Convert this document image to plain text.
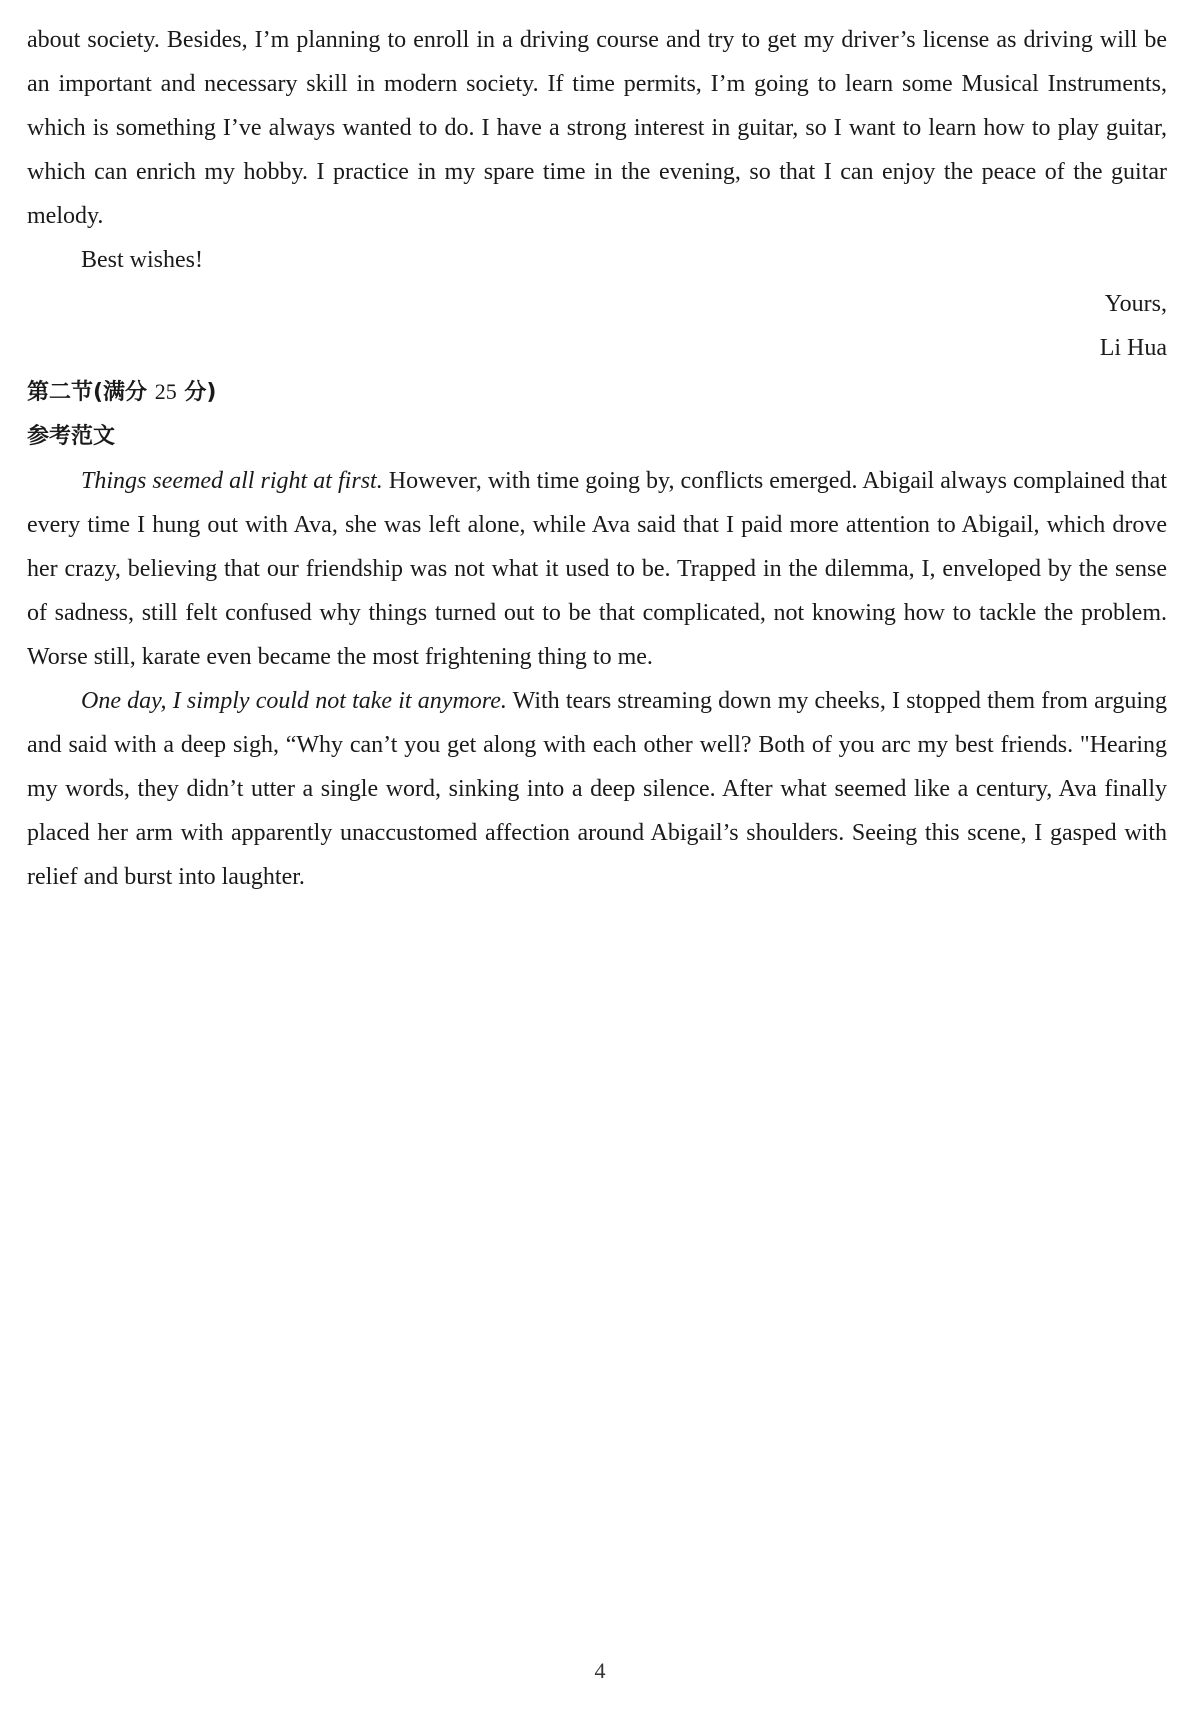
about society. Besides, I’m planning to enroll in a driving course and try to get my driver’s license as driving will be an important and necessary skill in modern society. If time permits, I’m going to learn some Musical Instruments, which is something I’ve always wanted to do. I have a strong interest in guitar, so I want to learn how to play guitar, which can enrich my hobby. I practice in my spare time in the evening, so that I can enjoy the peace of the guitar melody.

Best wishes!

Yours,

Li Hua

第二节(满分 25 分)

参考范文

Things seemed all right at first. However, with time going by, conflicts emerged. Abigail always complained that every time I hung out with Ava, she was left alone, while Ava said that I paid more attention to Abigail, which drove her crazy, believing that our friendship was not what it used to be. Trapped in the dilemma, I, enveloped by the sense of sadness, still felt confused why things turned out to be that complicated, not knowing how to tackle the problem. Worse still, karate even became the most frightening thing to me.

One day, I simply could not take it anymore. With tears streaming down my cheeks, I stopped them from arguing and said with a deep sigh, “Why can’t you get along with each other well? Both of you arc my best friends. "Hearing my words, they didn’t utter a single word, sinking into a deep silence. After what seemed like a century, Ava finally placed her arm with apparently unaccustomed affection around Abigail’s shoulders. Seeing this scene, I gasped with relief and burst into laughter.

4
